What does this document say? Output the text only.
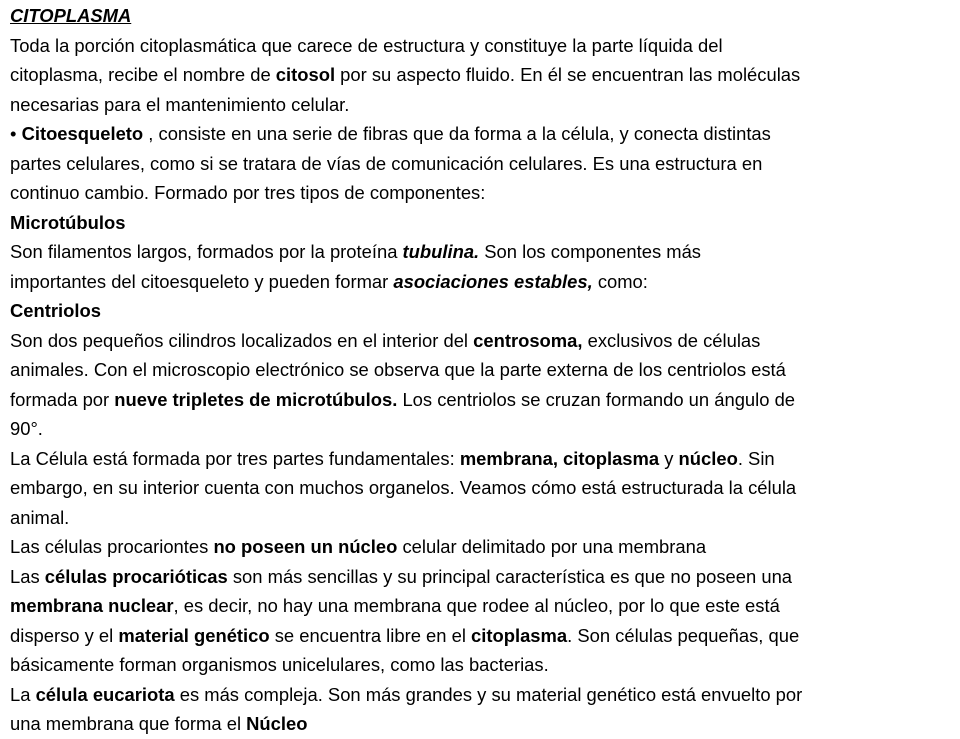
CITOPLASMA
Toda la porción citoplasmática que carece de estructura y constituye la parte líquida del
citoplasma, recibe el nombre de citosol por su aspecto fluido. En él se encuentran las moléculas
necesarias para el mantenimiento celular.
• Citoesqueleto , consiste en una serie de fibras que da forma a la célula, y conecta distintas
partes celulares, como si se tratara de vías de comunicación celulares. Es una estructura en
continuo cambio. Formado por tres tipos de componentes:
Microtúbulos
Son filamentos largos, formados por la proteína tubulina. Son los componentes más
importantes del citoesqueleto y pueden formar asociaciones estables, como:
Centriolos
Son dos pequeños cilindros localizados en el interior del centrosoma, exclusivos de células
animales. Con el microscopio electrónico se observa que la parte externa de los centriolos está
formada por nueve tripletes de microtúbulos. Los centriolos se cruzan formando un ángulo de
90°.
La Célula está formada por tres partes fundamentales: membrana, citoplasma y núcleo. Sin
embargo, en su interior cuenta con muchos organelos. Veamos cómo está estructurada la célula
animal.
Las células procariontes no poseen un núcleo celular delimitado por una membrana
Las células procarióticas son más sencillas y su principal característica es que no poseen una
membrana nuclear, es decir, no hay una membrana que rodee al núcleo, por lo que este está
disperso y el material genético se encuentra libre en el citoplasma. Son células pequeñas, que
básicamente forman organismos unicelulares, como las bacterias.
La célula eucariota es más compleja. Son más grandes y su material genético está envuelto por
una membrana que forma el Núcleo
